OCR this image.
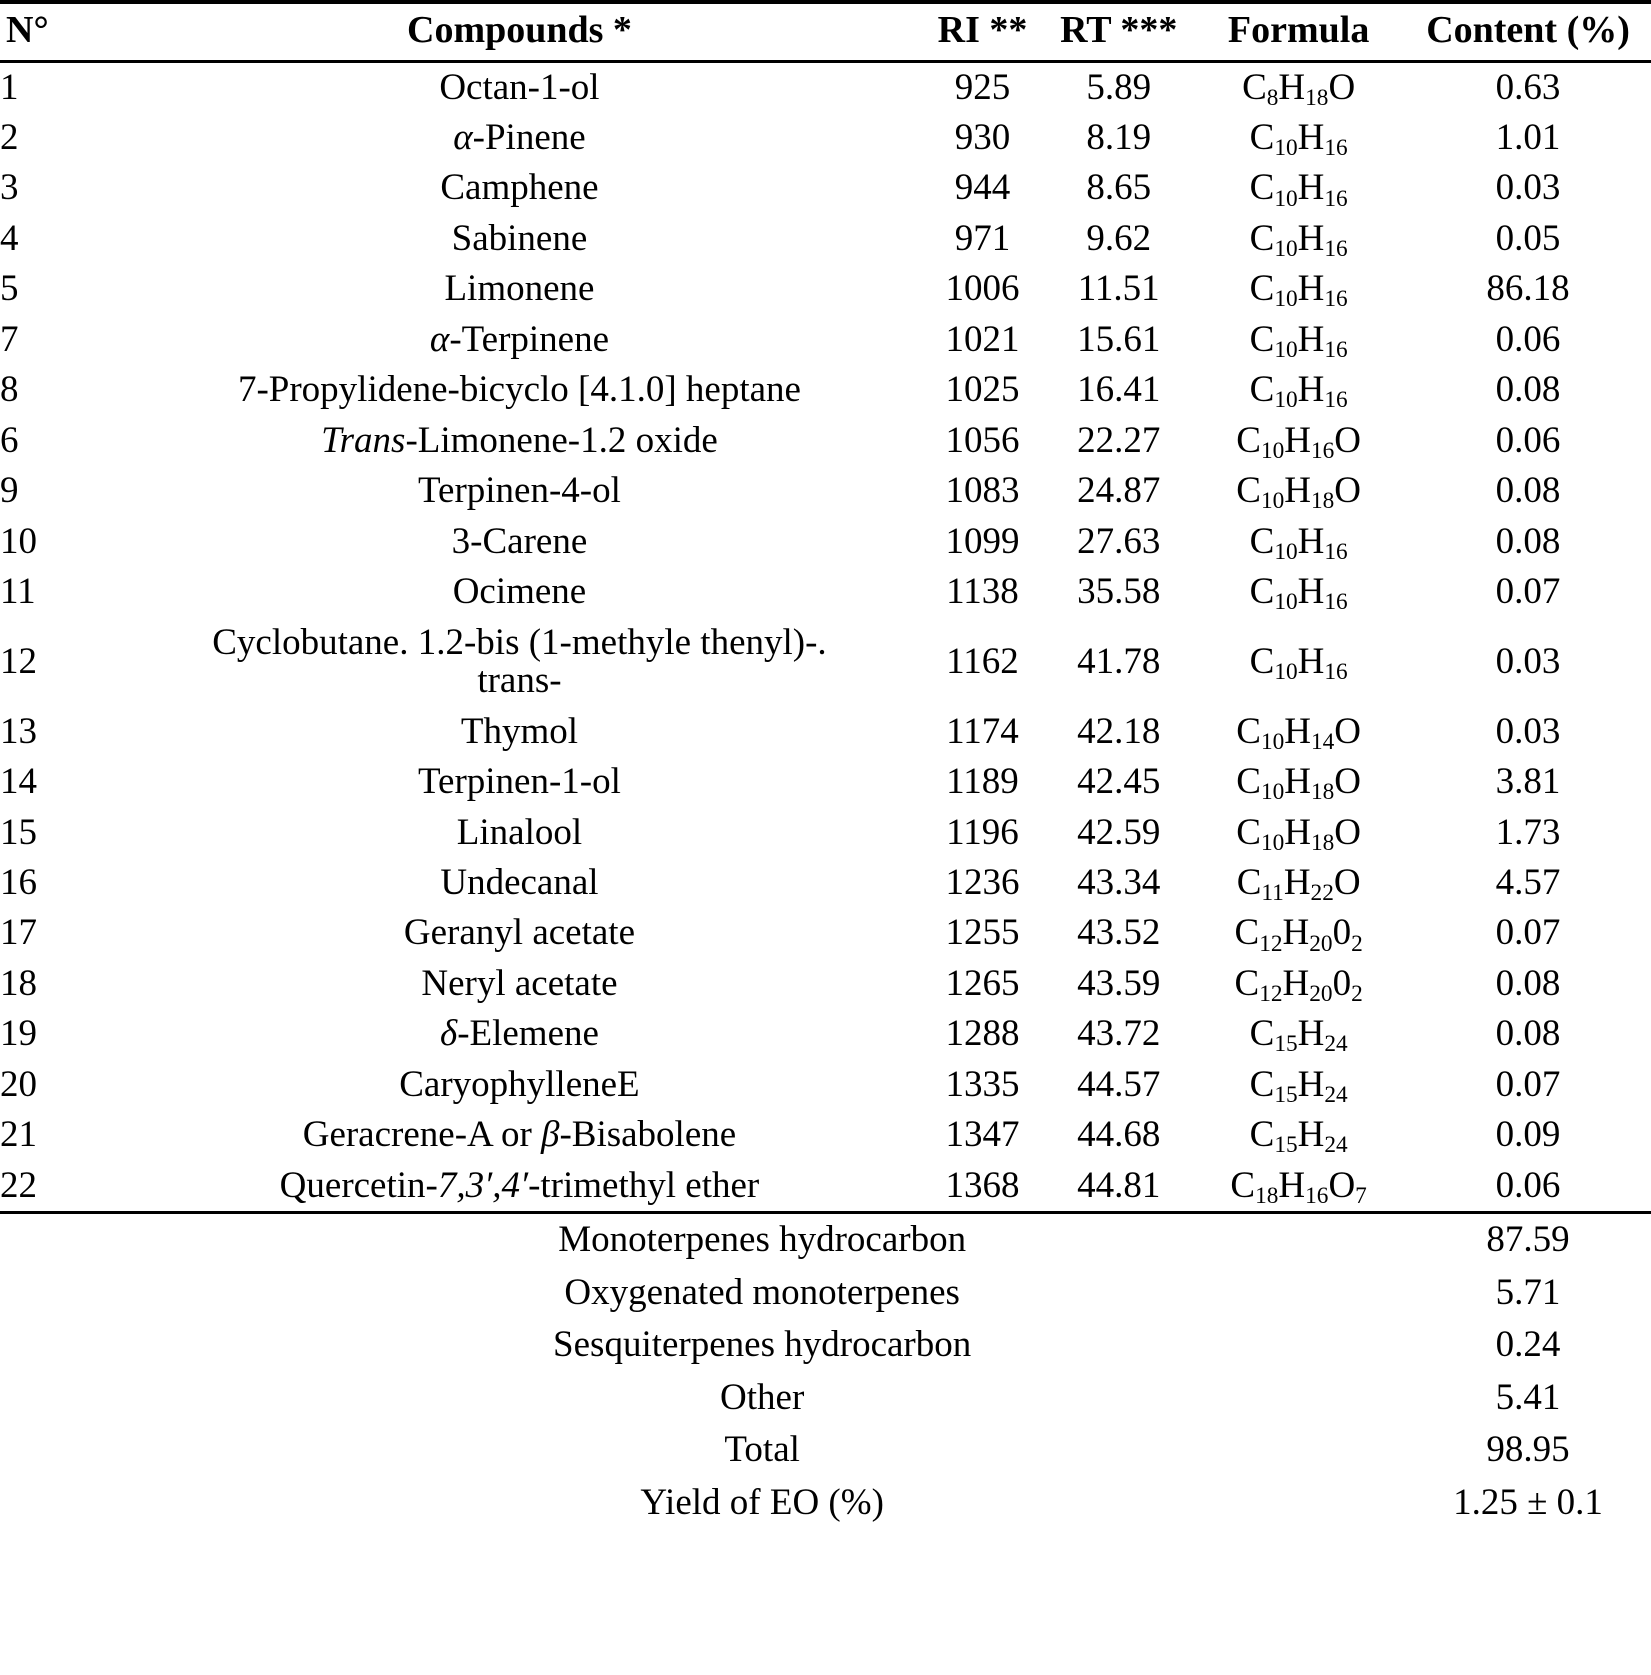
N°	Compounds *	RI **	RT ***	Formula	Content (%)
1	Octan-1-ol	925	5.89	$C_8H_{18}O$	0.63
2	α-Pinene	930	8.19	$C_{10}H_{16}$	1.01
3	Camphene	944	8.65	$C_{10}H_{16}$	0.03
4	Sabinene	971	9.62	$C_{10}H_{16}$	0.05
5	Limonene	1006	11.51	$C_{10}H_{16}$	86.18
7	α-Terpinene	1021	15.61	$C_{10}H_{16}$	0.06
8	7-Propylidene-bicyclo [4.1.0] heptane	1025	16.41	$C_{10}H_{16}$	0.08
6	Trans-Limonene-1.2 oxide	1056	22.27	$C_{10}H_{16}O$	0.06
9	Terpinen-4-ol	1083	24.87	$C_{10}H_{18}O$	0.08
10	3-Carene	1099	27.63	$C_{10}H_{16}$	0.08
11	Ocimene	1138	35.58	$C_{10}H_{16}$	0.07
12	Cyclobutane. 1.2-bis (1-methyle thenyl)-.
trans-	1162	41.78	$C_{10}H_{16}$	0.03
13	Thymol	1174	42.18	$C_{10}H_{14}O$	0.03
14	Terpinen-1-ol	1189	42.45	$C_{10}H_{18}O$	3.81
15	Linalool	1196	42.59	$C_{10}H_{18}O$	1.73
16	Undecanal	1236	43.34	$C_{11}H_{22}O$	4.57
17	Geranyl acetate	1255	43.52	$C_{12}H_{20}0_2$	0.07
18	Neryl acetate	1265	43.59	$C_{12}H_{20}0_2$	0.08
19	δ-Elemene	1288	43.72	$C_{15}H_{24}$	0.08
20	CaryophylleneE	1335	44.57	$C_{15}H_{24}$	0.07
21	Geracrene-A or β-Bisabolene	1347	44.68	$C_{15}H_{24}$	0.09
22	Quercetin-7,3′,4′-trimethyl ether	1368	44.81	$C_{18}H_{16}O_7$	0.06
	Monoterpenes hydrocarbon				87.59
	Oxygenated monoterpenes				5.71
	Sesquiterpenes hydrocarbon				0.24
	Other				5.41
	Total				98.95
	Yield of EO (%)				1.25 ± 0.1
